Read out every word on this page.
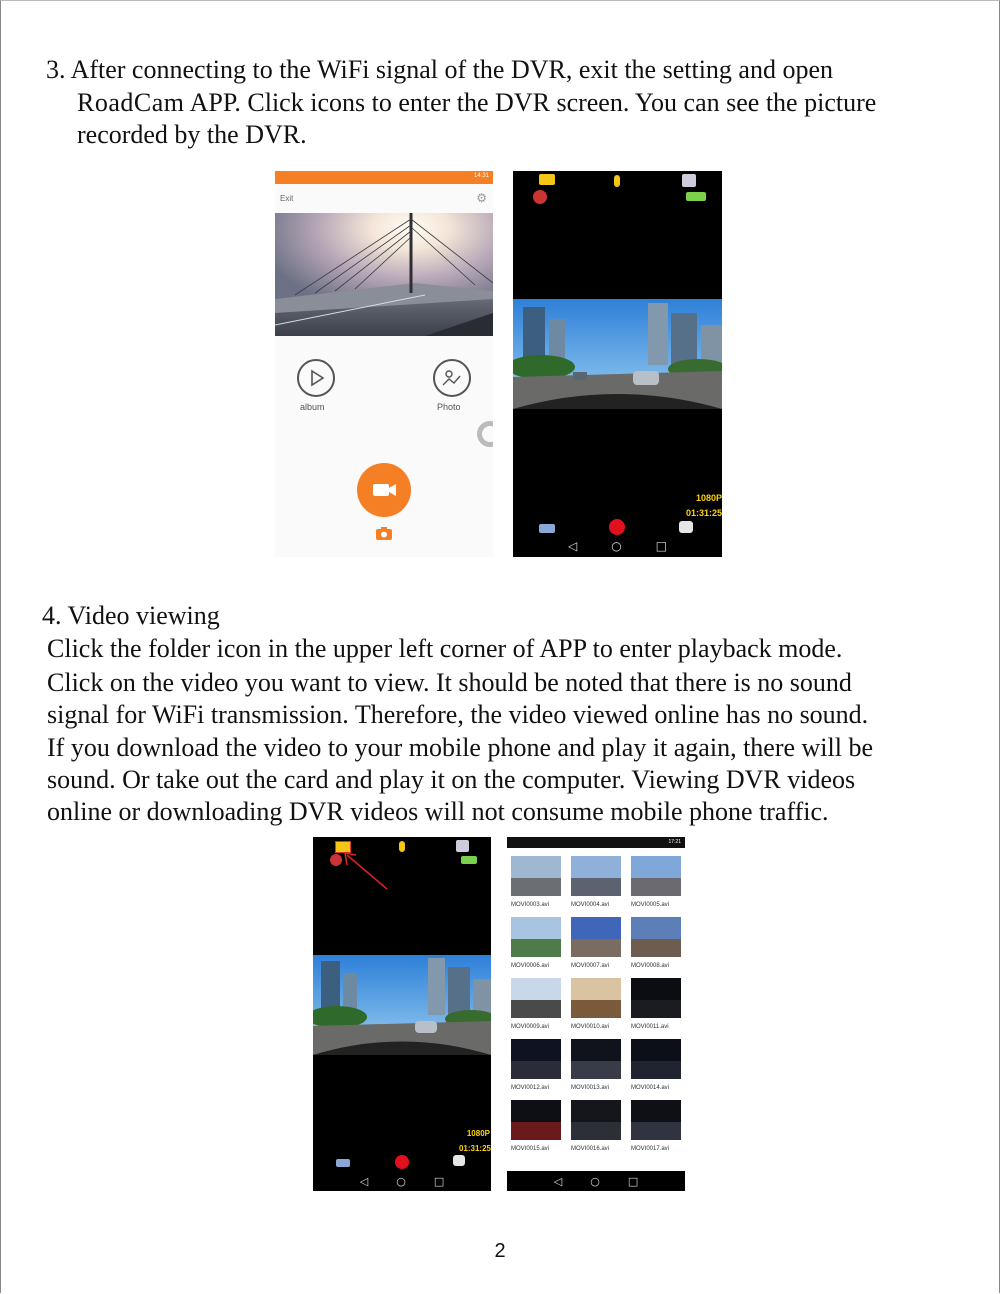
3. After connecting to the WiFi signal of the DVR, exit the setting and open

RoadCam APP. Click icons to enter the DVR screen. You can see the picture

recorded by the DVR.

14:31
Exit	⚙
album	Photo
1080P
01:31:25
◁	○	□

4. Video viewing

Click the folder icon in the upper left corner of APP to enter playback mode.

Click on the video you want to view. It should be noted that there is no sound

signal for WiFi transmission. Therefore, the video viewed online has no sound.

If you download the video to your mobile phone and play it again, there will be

sound. Or take out the card and play it on the computer. Viewing DVR videos

online or downloading DVR videos will not consume mobile phone traffic.

1080P
01:31:25
◁	○	□
17:21
MOVI0003.avi	MOVI0004.avi	MOVI0005.avi
MOVI0006.avi	MOVI0007.avi	MOVI0008.avi
MOVI0009.avi	MOVI0010.avi	MOVI0011.avi
MOVI0012.avi	MOVI0013.avi	MOVI0014.avi
MOVI0015.avi	MOVI0016.avi	MOVI0017.avi
◁	○	□
2
